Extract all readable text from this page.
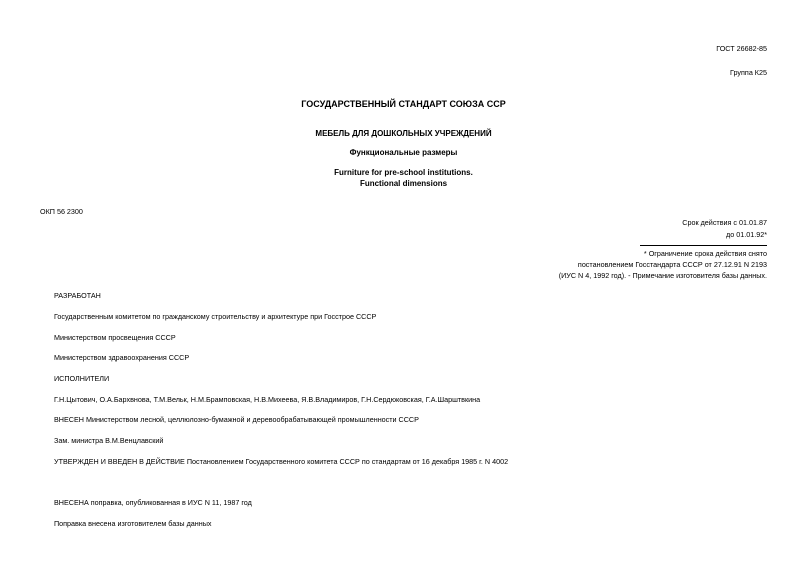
ГОСТ 26682-85
Группа К25
ГОСУДАРСТВЕННЫЙ СТАНДАРТ СОЮЗА ССР
МЕБЕЛЬ ДЛЯ ДОШКОЛЬНЫХ УЧРЕЖДЕНИЙ
Функциональные размеры
Furniture for pre-school institutions.
Functional dimensions
ОКП 56 2300
Срок действия с 01.01.87
до 01.01.92*
* Ограничение срока действия снято
постановлением Госстандарта СССР от 27.12.91 N 2193
(ИУС N 4, 1992 год). - Примечание изготовителя базы данных.
РАЗРАБОТАН
Государственным комитетом по гражданскому строительству и архитектуре при Госстрое СССР
Министерством просвещения СССР
Министерством здравоохранения СССР
ИСПОЛНИТЕЛИ
Г.Н.Цытович, О.А.Бархвнова, Т.М.Вельк, Н.М.Брамповская, Н.В.Михеева, Я.В.Владимиров, Г.Н.Сердюковская, Г.А.Шарштвкина
ВНЕСЕН Министерством лесной, целлюлозно-бумажной и деревообрабатывающей промышленности СССР
Зам. министра В.М.Венцлавский
УТВЕРЖДЕН И ВВЕДЕН В ДЕЙСТВИЕ Постановлением Государственного комитета СССР по стандартам от 16 декабря 1985 г. N 4002
ВНЕСЕНА поправка, опубликованная в ИУС N 11, 1987 год
Поправка внесена изготовителем базы данных
